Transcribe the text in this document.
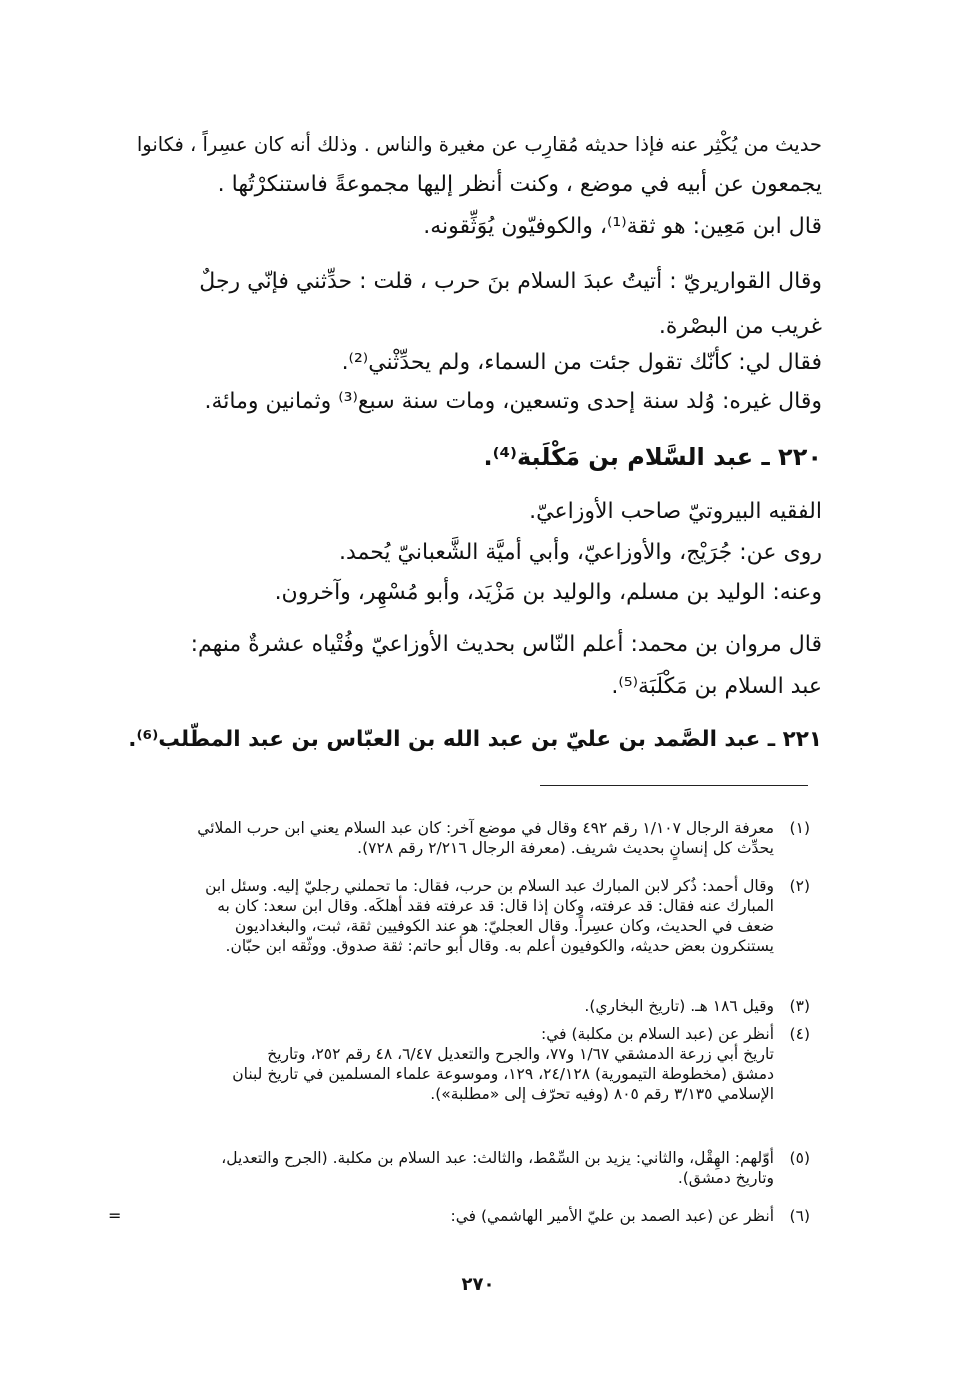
حديث من يُكْثِر عنه فإذا حديثه مُقارِب عن مغيرة والناس . وذلك أنه كان عسِراً ، فكانوا
يجمعون عن أبيه في موضع ، وكنت أنظر إليها مجموعةً فاستنكرْتُها .
قال ابن مَعِين: هو ثقة⁽¹⁾، والكوفيّون يُوَثِّقونه.
وقال القواريريّ : أتيتُ عبدَ السلام بنَ حرب ، قلت : حدِّثني فإنّي رجلٌ
غريب من البصْرة.
فقال لي: كأنّك تقول جئت من السماء، ولم يحدِّثْني⁽²⁾.
وقال غيره: وُلد سنة إحدى وتسعين، ومات سنة سبع⁽³⁾ وثمانين ومائة.
٢٢٠ ـ عبد السَّلام بن مَكْلَبة⁽⁴⁾.
الفقيه البيروتيّ صاحب الأوزاعيّ.
روى عن: جُرَيْج، والأوزاعيّ، وأبي أميَّة الشَّعبانيّ يُحمد.
وعنه: الوليد بن مسلم، والوليد بن مَزْيَد، وأبو مُسْهِر، وآخرون.
قال مروان بن محمد: أعلم النّاس بحديث الأوزاعيّ وفُتْياه عشرةٌ منهم:
عبد السلام بن مَكْلَبَة⁽⁵⁾.
٢٢١ ـ عبد الصَّمد بن عليّ بن عبد الله بن العبّاس بن عبد المطّلب⁽⁶⁾.
(١)معرفة الرجال ١/١٠٧ رقم ٤٩٢ وقال في موضع آخر: كان عبد السلام يعني ابن حرب الملائي
يحدِّث كل إنسانٍ بحديث شريف. (معرفة الرجال ٢/٢١٦ رقم ٧٢٨).
(٢)وقال أحمد: ذُكر لابن المبارك عبد السلام بن حرب، فقال: ما تحملني رجليّ إليه. وسئل ابن
المبارك عنه فقال: قد عرفته، وكان إذا قال: قد عرفته فقد أهلكَه. وقال ابن سعد: كان به
ضعف في الحديث، وكان عسِراً. وقال العجليّ: هو عند الكوفيين ثقة، ثبت، والبغداديون
يستنكرون بعض حديثه، والكوفيون أعلم به. وقال أبو حاتم: ثقة صدوق. ووثّقه ابن حبّان.
(٣)وقيل ١٨٦ هـ. (تاريخ البخاري).
(٤)أنظر عن (عبد السلام بن مكلبة) في:
تاريخ أبي زرعة الدمشقي ١/٦٧ و٧٧، والجرح والتعديل ٦/٤٧، ٤٨ رقم ٢٥٢، وتاريخ
دمشق (مخطوطة التيمورية) ٢٤/١٢٨، ١٢٩، وموسوعة علماء المسلمين في تاريخ لبنان
الإسلامي ٣/١٣٥ رقم ٨٠٥ (وفيه تحرّف إلى «مطلبة»).
(٥)أوّلهم: الهِقْل، والثاني: يزيد بن السِّمْط، والثالث: عبد السلام بن مكلبة. (الجرح والتعديل،
وتاريخ دمشق).
(٦)أنظر عن (عبد الصمد بن عليّ الأمير الهاشمي) في:
=
٢٧٠
